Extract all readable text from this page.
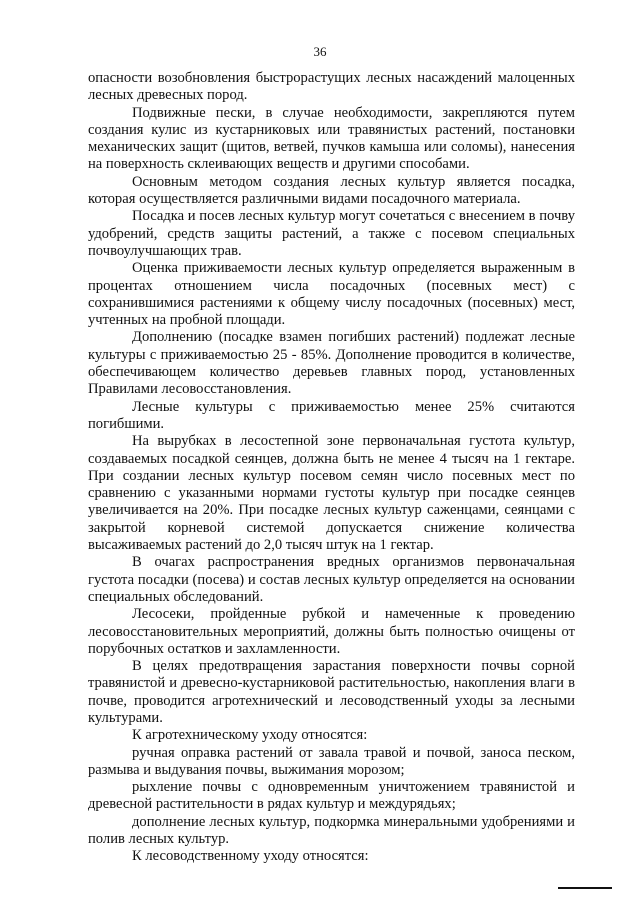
36

опасности возобновления быстрорастущих лесных насаждений малоценных лесных древесных пород.

Подвижные пески, в случае необходимости, закрепляются путем создания кулис из кустарниковых или травянистых растений, постановки механических защит (щитов, ветвей, пучков камыша или соломы), нанесения на поверхность склеивающих веществ и другими способами.

Основным методом создания лесных культур является посадка, которая осуществляется различными видами посадочного материала.

Посадка и посев лесных культур могут сочетаться с внесением в почву удобрений, средств защиты растений, а также с посевом специальных почвоулучшающих трав.

Оценка приживаемости лесных культур определяется выраженным в процентах отношением числа посадочных (посевных мест) с сохранившимися растениями к общему числу посадочных (посевных) мест, учтенных на пробной площади.

Дополнению (посадке взамен погибших растений) подлежат лесные культуры с приживаемостью 25 - 85%. Дополнение проводится в количестве, обеспечивающем количество деревьев главных пород, установленных Правилами лесовосстановления.

Лесные культуры с приживаемостью менее 25% считаются погибшими.

На вырубках в лесостепной зоне первоначальная густота культур, создаваемых посадкой сеянцев, должна быть не менее 4 тысяч на 1 гектаре. При создании лесных культур посевом семян число посевных мест по сравнению с указанными нормами густоты культур при посадке сеянцев увеличивается на 20%. При посадке лесных культур саженцами, сеянцами с закрытой корневой системой допускается снижение количества высаживаемых растений до 2,0 тысяч штук на 1 гектар.

В очагах распространения вредных организмов первоначальная густота посадки (посева) и состав лесных культур определяется на основании специальных обследований.

Лесосеки, пройденные рубкой и намеченные к проведению лесовосстановительных мероприятий, должны быть полностью очищены от порубочных остатков и захламленности.

В целях предотвращения зарастания поверхности почвы сорной травянистой и древесно-кустарниковой растительностью, накопления влаги в почве, проводится агротехнический и лесоводственный уходы за лесными культурами.

К агротехническому уходу относятся:

ручная оправка растений от завала травой и почвой, заноса песком, размыва и выдувания почвы, выжимания морозом;

рыхление почвы с одновременным уничтожением травянистой и древесной растительности в рядах культур и междурядьях;

дополнение лесных культур, подкормка минеральными удобрениями и полив лесных культур.

К лесоводственному уходу относятся:
